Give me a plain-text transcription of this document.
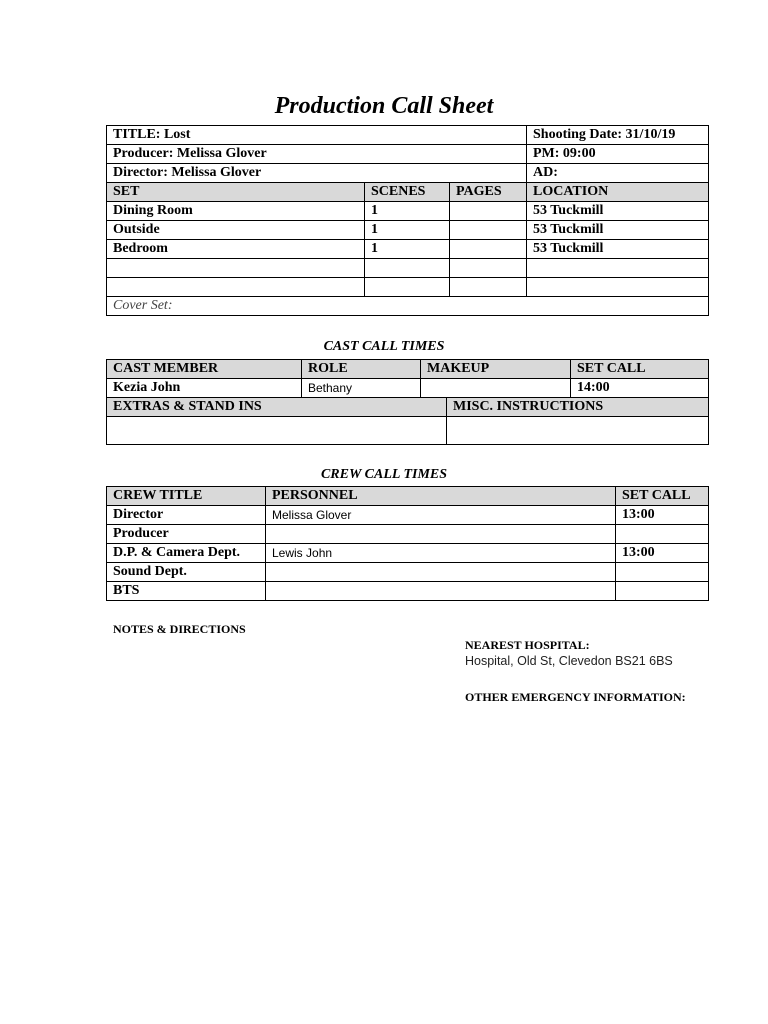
Production Call Sheet
TITLE: Lost			Shooting Date: 31/10/19
Producer: Melissa Glover			PM: 09:00
Director: Melissa Glover			AD:
SET	SCENES	PAGES	LOCATION
Dining Room	1		53 Tuckmill
Outside	1		53 Tuckmill
Bedroom	1		53 Tuckmill

Cover Set:			
CAST CALL TIMES
CAST MEMBER	ROLE	MAKEUP		SET CALL
Kezia John	Bethany			14:00
EXTRAS & STAND INS			MISC. INSTRUCTIONS	

CREW CALL TIMES
CREW TITLE	PERSONNEL	SET CALL
Director	Melissa Glover	13:00
Producer		
D.P. & Camera Dept.	Lewis John	13:00
Sound Dept.		
BTS		
NOTES & DIRECTIONS
NEAREST HOSPITAL:
Hospital, Old St, Clevedon BS21 6BS
OTHER EMERGENCY INFORMATION:
